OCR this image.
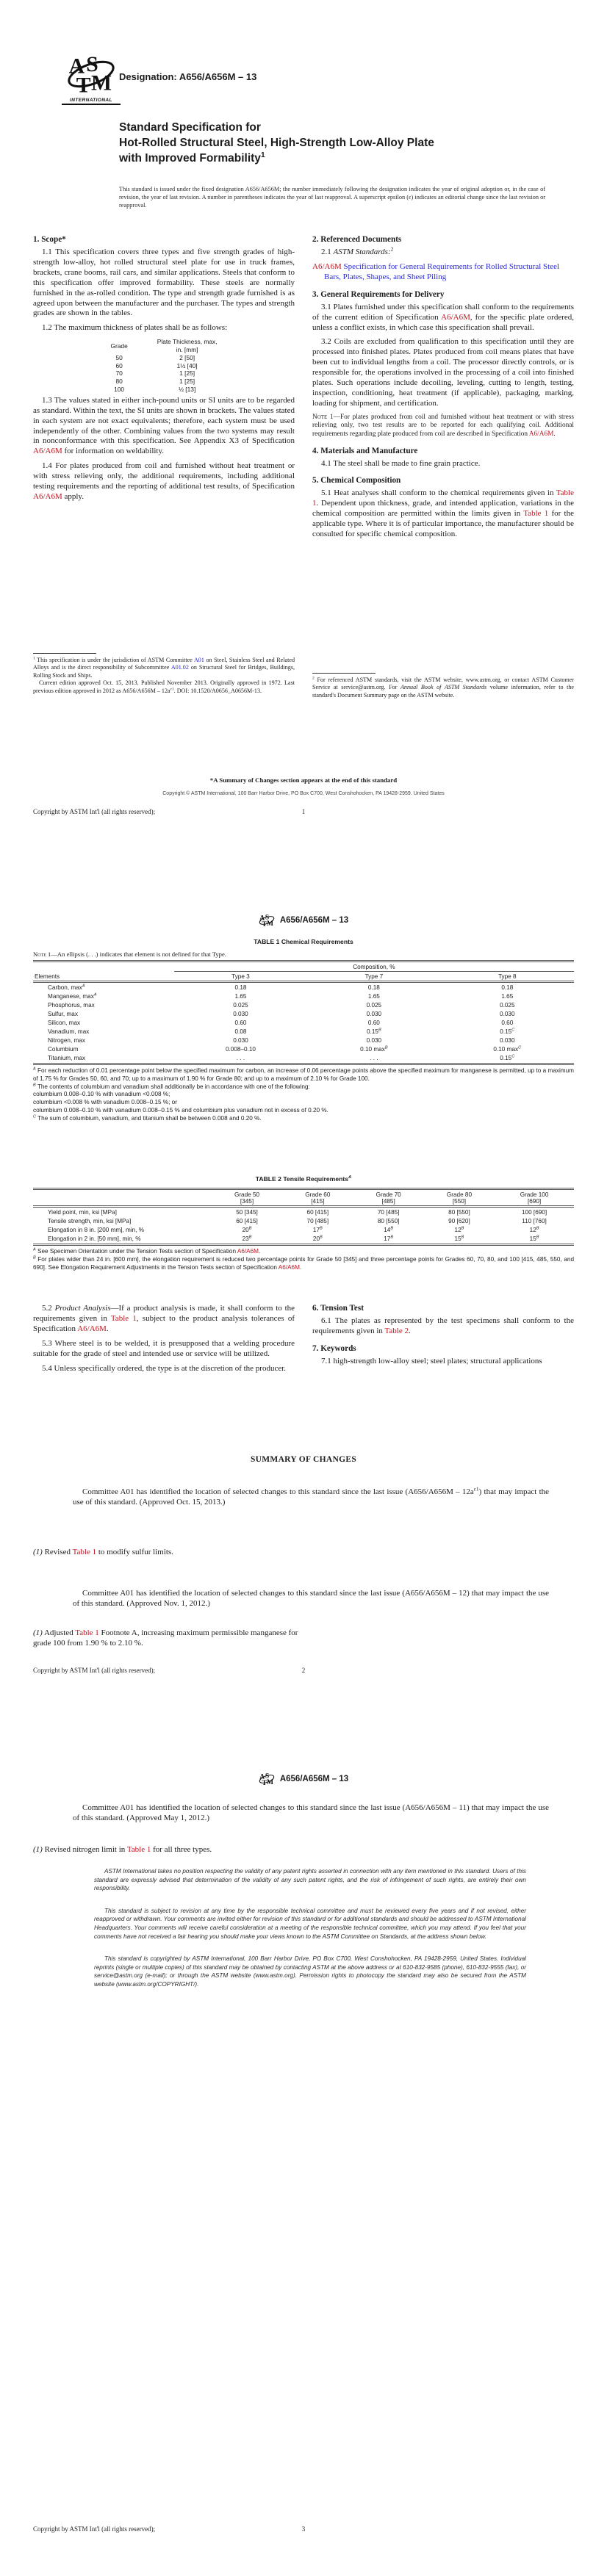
A S
T M
INTERNATIONAL
Designation: A656/A656M – 13
Standard Specification for
Hot-Rolled Structural Steel, High-Strength Low-Alloy Plate
with Improved Formability$^1$

This standard is issued under the fixed designation A656/A656M; the number immediately following the designation indicates the year of original adoption or, in the case of revision, the year of last revision. A number in parentheses indicates the year of last reapproval. A superscript epsilon (ε) indicates an editorial change since the last revision or reapproval.

1. Scope*

1.1 This specification covers three types and five strength grades of high-strength low-alloy, hot rolled structural steel plate for use in truck frames, brackets, crane booms, rail cars, and similar applications. Steels that conform to this specification offer improved formability. These steels are normally furnished in the as-rolled condition. The type and strength grade furnished is as agreed upon between the manufacturer and the purchaser. The types and strength grades are shown in the tables.

1.2 The maximum thickness of plates shall be as follows:

Grade	Plate Thickness, max,
in. [mm]
50	2 [50]
60	1½ [40]
70	1 [25]
80	1 [25]
100	½ [13]

1.3 The values stated in either inch-pound units or SI units are to be regarded as standard. Within the text, the SI units are shown in brackets. The values stated in each system are not exact equivalents; therefore, each system must be used independently of the other. Combining values from the two systems may result in nonconformance with this specification. See Appendix X3 of Specification A6/A6M for information on weldability.

1.4 For plates produced from coil and furnished without heat treatment or with stress relieving only, the additional requirements, including additional testing requirements and the reporting of additional test results, of Specification A6/A6M apply.

2. Referenced Documents

2.1 ASTM Standards:$^2$

A6/A6M Specification for General Requirements for Rolled Structural Steel Bars, Plates, Shapes, and Sheet Piling

3. General Requirements for Delivery

3.1 Plates furnished under this specification shall conform to the requirements of the current edition of Specification A6/A6M, for the specific plate ordered, unless a conflict exists, in which case this specification shall prevail.

3.2 Coils are excluded from qualification to this specification until they are processed into finished plates. Plates produced from coil means plates that have been cut to individual lengths from a coil. The processor directly controls, or is responsible for, the operations involved in the processing of a coil into finished plates. Such operations include decoiling, leveling, cutting to length, testing, inspection, conditioning, heat treatment (if applicable), packaging, marking, loading for shipment, and certification.

Note 1—For plates produced from coil and furnished without heat treatment or with stress relieving only, two test results are to be reported for each qualifying coil. Additional requirements regarding plate produced from coil are described in Specification A6/A6M.

4. Materials and Manufacture

4.1 The steel shall be made to fine grain practice.

5. Chemical Composition

5.1 Heat analyses shall conform to the chemical requirements given in Table 1. Dependent upon thickness, grade, and intended application, variations in the chemical composition are permitted within the limits given in Table 1 for the applicable type. Where it is of particular importance, the manufacturer should be consulted for specific chemical composition.

$^1$ This specification is under the jurisdiction of ASTM Committee A01 on Steel, Stainless Steel and Related Alloys and is the direct responsibility of Subcommittee A01.02 on Structural Steel for Bridges, Buildings, Rolling Stock and Ships.

Current edition approved Oct. 15, 2013. Published November 2013. Originally approved in 1972. Last previous edition approved in 2012 as $A656/A656M - 12a^{\varepsilon 1}$. DOI: 10.1520/A0656_A0656M-13.

$^2$ For referenced ASTM standards, visit the ASTM website, www.astm.org, or contact ASTM Customer Service at service@astm.org. For Annual Book of ASTM Standards volume information, refer to the standard's Document Summary page on the ASTM website.

*A Summary of Changes section appears at the end of this standard
Copyright © ASTM International, 100 Barr Harbor Drive, PO Box C700, West Conshohocken, PA 19428-2959. United States
Copyright by ASTM Int'l (all rights reserved);	1
A S
T M A656/A656M – 13
TABLE 1 Chemical Requirements

Note 1—An ellipsis (. . .) indicates that element is not defined for that Type.

Elements	Composition, %		
	Type 3	Type 7	Type 8
Carbon, $\max^A$	0.18	0.18	0.18
Manganese, $\max^A$	1.65	1.65	1.65
Phosphorus, max	0.025	0.025	0.025
Sulfur, max	0.030	0.030	0.030
Silicon, max	0.60	0.60	0.60
Vanadium, max	0.08	$0.15^B$	$0.15^C$
Nitrogen, max	0.030	0.030	0.030
Columbium	0.008–0.10	0.10 $\max^B$	0.10 $\max^C$
Titanium, max	. . .	. . .	$0.15^C$

$^A$ For each reduction of 0.01 percentage point below the specified maximum for carbon, an increase of 0.06 percentage points above the specified maximum for manganese is permitted, up to a maximum of 1.75 % for Grades 50, 60, and 70; up to a maximum of 1.90 % for Grade 80; and up to a maximum of 2.10 % for Grade 100.

$^B$ The contents of columbium and vanadium shall additionally be in accordance with one of the following:

columbium 0.008–0.10 % with vanadium <0.008 %;

columbium <0.008 % with vanadium 0.008–0.15 %; or

columbium 0.008–0.10 % with vanadium 0.008–0.15 % and columbium plus vanadium not in excess of 0.20 %.

$^C$ The sum of columbium, vanadium, and titanium shall be between 0.008 and 0.20 %.

TABLE 2 Tensile Requirements$^A$
	Grade 50
[345]	Grade 60
[415]	Grade 70
[485]	Grade 80
[550]	Grade 100
[690]
Yield point, min, ksi [MPa]	50 [345]	60 [415]	70 [485]	80 [550]	100 [690]
Tensile strength, min, ksi [MPa]	60 [415]	70 [485]	80 [550]	90 [620]	110 [760]
Elongation in 8 in. [200 mm], min, %	$20^B$	$17^B$	$14^B$	$12^B$	$12^B$
Elongation in 2 in. [50 mm], min, %	$23^B$	$20^B$	$17^B$	$15^B$	$15^B$

$^A$ See Specimen Orientation under the Tension Tests section of Specification A6/A6M.

$^B$ For plates wider than 24 in. [600 mm], the elongation requirement is reduced two percentage points for Grade 50 [345] and three percentage points for Grades 60, 70, 80, and 100 [415, 485, 550, and 690]. See Elongation Requirement Adjustments in the Tension Tests section of Specification A6/A6M.

5.2 Product Analysis—If a product analysis is made, it shall conform to the requirements given in Table 1, subject to the product analysis tolerances of Specification A6/A6M.

5.3 Where steel is to be welded, it is presupposed that a welding procedure suitable for the grade of steel and intended use or service will be utilized.

5.4 Unless specifically ordered, the type is at the discretion of the producer.

6. Tension Test

6.1 The plates as represented by the test specimens shall conform to the requirements given in Table 2.

7. Keywords

7.1 high-strength low-alloy steel; steel plates; structural applications

SUMMARY OF CHANGES

Committee A01 has identified the location of selected changes to this standard since the last issue $(A656/A656M - 12a^{\varepsilon 1})$ that may impact the use of this standard. (Approved Oct. 15, 2013.)

(1) Revised Table 1 to modify sulfur limits.

Committee A01 has identified the location of selected changes to this standard since the last issue (A656/A656M – 12) that may impact the use of this standard. (Approved Nov. 1, 2012.)

(1) Adjusted Table 1 Footnote A, increasing maximum permissible manganese for grade 100 from 1.90 % to 2.10 %.

Copyright by ASTM Int'l (all rights reserved);	2
A S
T M A656/A656M – 13

Committee A01 has identified the location of selected changes to this standard since the last issue (A656/A656M – 11) that may impact the use of this standard. (Approved May 1, 2012.)

(1) Revised nitrogen limit in Table 1 for all three types.

ASTM International takes no position respecting the validity of any patent rights asserted in connection with any item mentioned in this standard. Users of this standard are expressly advised that determination of the validity of any such patent rights, and the risk of infringement of such rights, are entirely their own responsibility.

This standard is subject to revision at any time by the responsible technical committee and must be reviewed every five years and if not revised, either reapproved or withdrawn. Your comments are invited either for revision of this standard or for additional standards and should be addressed to ASTM International Headquarters. Your comments will receive careful consideration at a meeting of the responsible technical committee, which you may attend. If you feel that your comments have not received a fair hearing you should make your views known to the ASTM Committee on Standards, at the address shown below.

This standard is copyrighted by ASTM International, 100 Barr Harbor Drive, PO Box C700, West Conshohocken, PA 19428-2959, United States. Individual reprints (single or multiple copies) of this standard may be obtained by contacting ASTM at the above address or at 610-832-9585 (phone), 610-832-9555 (fax), or service@astm.org (e-mail); or through the ASTM website (www.astm.org). Permission rights to photocopy the standard may also be secured from the ASTM website (www.astm.org/COPYRIGHT/).

Copyright by ASTM Int'l (all rights reserved);	3
